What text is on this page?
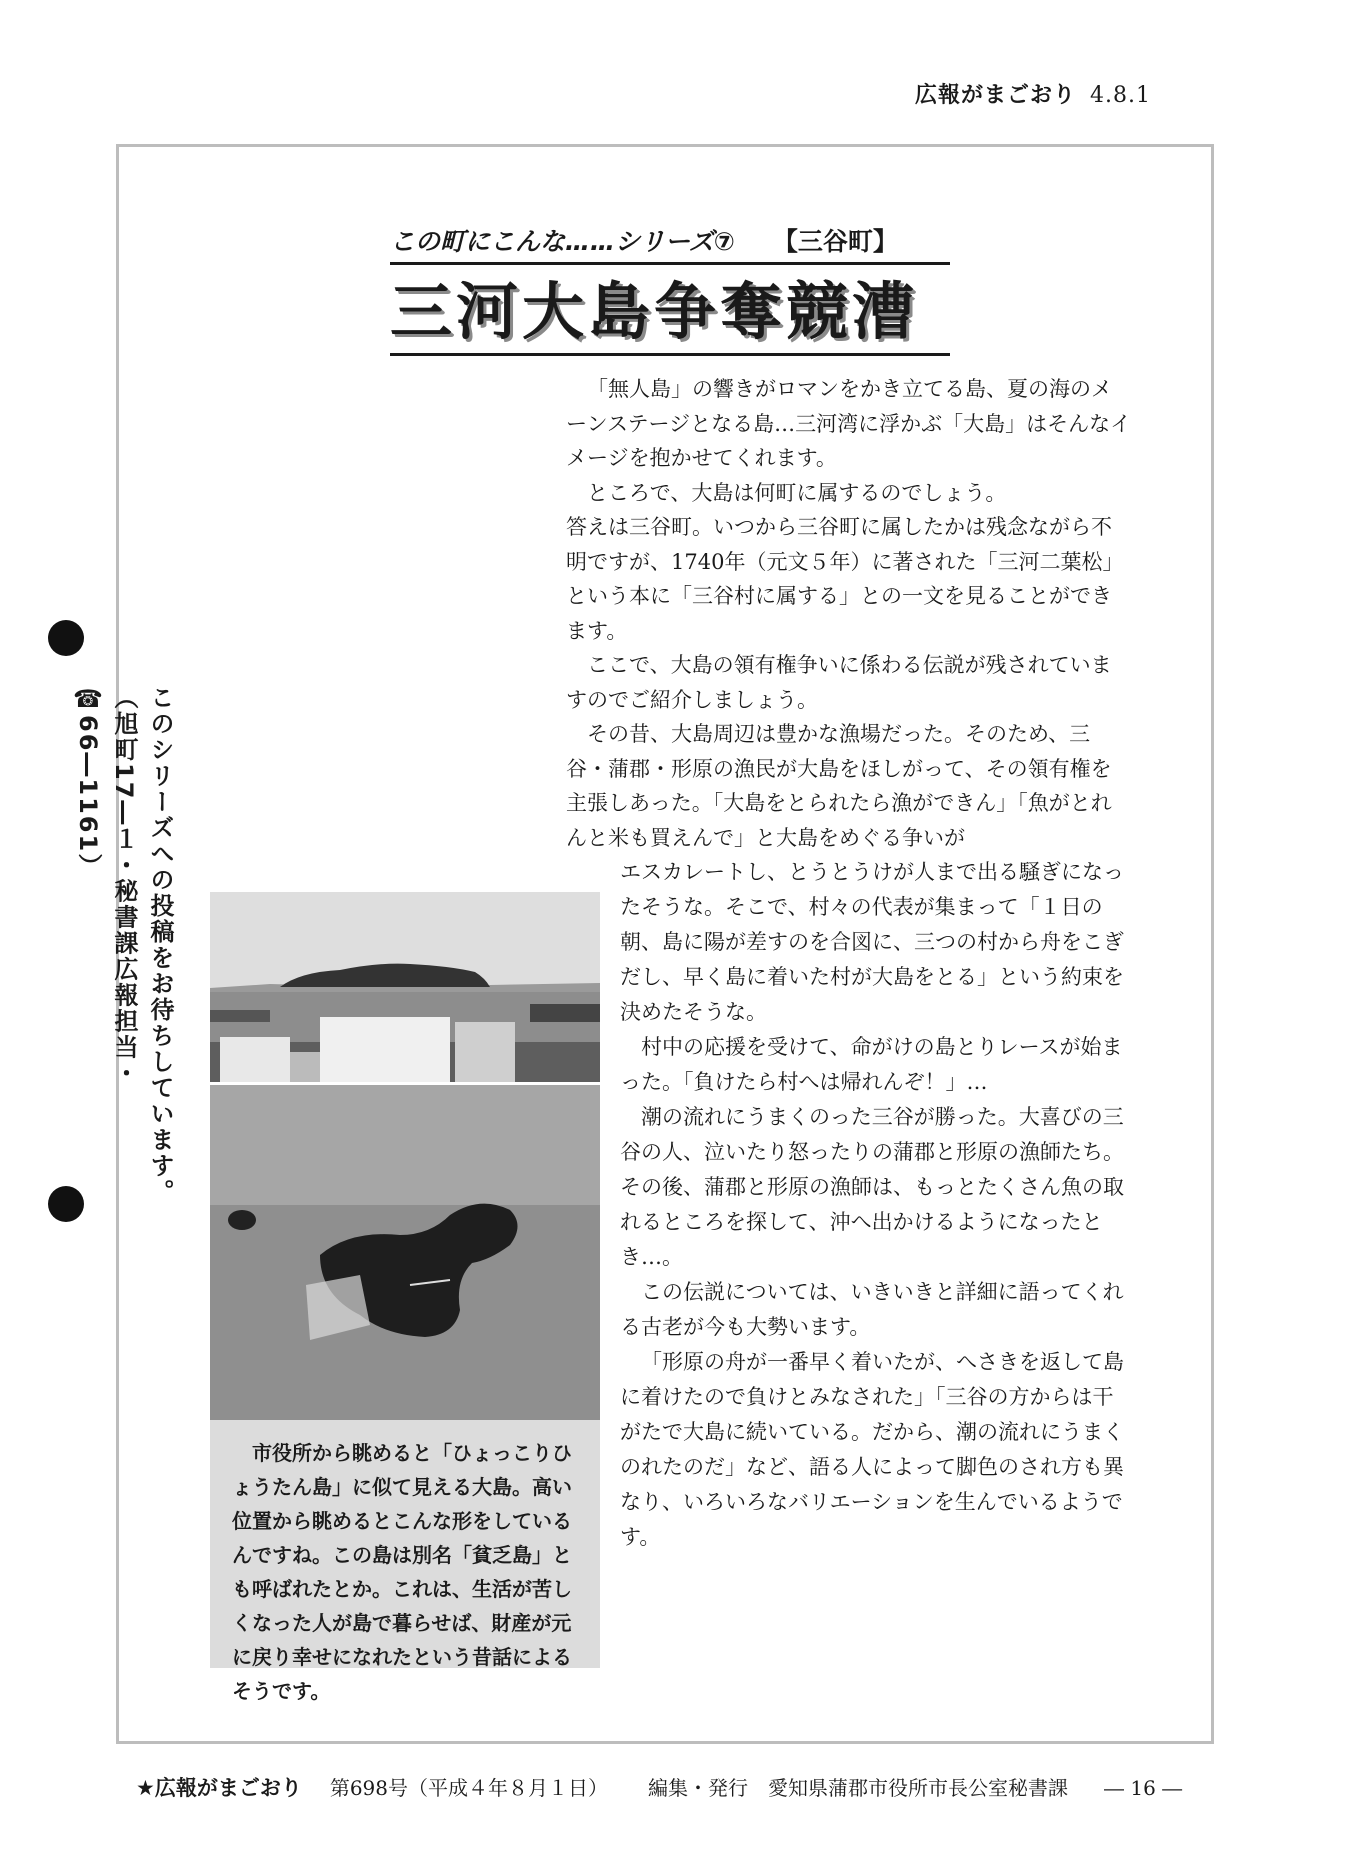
広報がまごおり 4.8.1
この町にこんな……シリーズ⑦ 【三谷町】
三河大島争奪競漕

「無人島」の響きがロマンをかき立てる島、夏の海のメーンステージとなる島…三河湾に浮かぶ「大島」はそんなイメージを抱かせてくれます。

ところで、大島は何町に属するのでしょう。

答えは三谷町。いつから三谷町に属したかは残念ながら不明ですが、1740年（元文５年）に著された「三河二葉松」という本に「三谷村に属する」との一文を見ることができます。

ここで、大島の領有権争いに係わる伝説が残されていますのでご紹介しましょう。

その昔、大島周辺は豊かな漁場だった。そのため、三谷・蒲郡・形原の漁民が大島をほしがって、その領有権を主張しあった。「大島をとられたら漁ができん」「魚がとれんと米も買えんで」と大島をめぐる争いが

エスカレートし、とうとうけが人まで出る騒ぎになったそうな。そこで、村々の代表が集まって「１日の朝、島に陽が差すのを合図に、三つの村から舟をこぎだし、早く島に着いた村が大島をとる」という約束を決めたそうな。

村中の応援を受けて、命がけの島とりレースが始まった。「負けたら村へは帰れんぞ！」…

潮の流れにうまくのった三谷が勝った。大喜びの三谷の人、泣いたり怒ったりの蒲郡と形原の漁師たち。その後、蒲郡と形原の漁師は、もっとたくさん魚の取れるところを探して、沖へ出かけるようになったとき…。

この伝説については、いきいきと詳細に語ってくれる古老が今も大勢います。

「形原の舟が一番早く着いたが、へさきを返して島に着けたので負けとみなされた」「三谷の方からは干がたで大島に続いている。だから、潮の流れにうまくのれたのだ」など、語る人によって脚色のされ方も異なり、いろいろなバリエーションを生んでいるようです。

市役所から眺めると「ひょっこりひょうたん島」に似て見える大島。高い位置から眺めるとこんな形をしているんですね。この島は別名「貧乏島」とも呼ばれたとか。これは、生活が苦しくなった人が島で暮らせば、財産が元に戻り幸せになれたという昔話によるそうです。

このシリーズへの投稿をお待ちしています。
（旭町17―１・秘書課広報担当・☎66―1161）
★広報がまごおり 第698号（平成４年８月１日） 編集・発行　愛知県蒲郡市役所市長公室秘書課 ― 16 ―
